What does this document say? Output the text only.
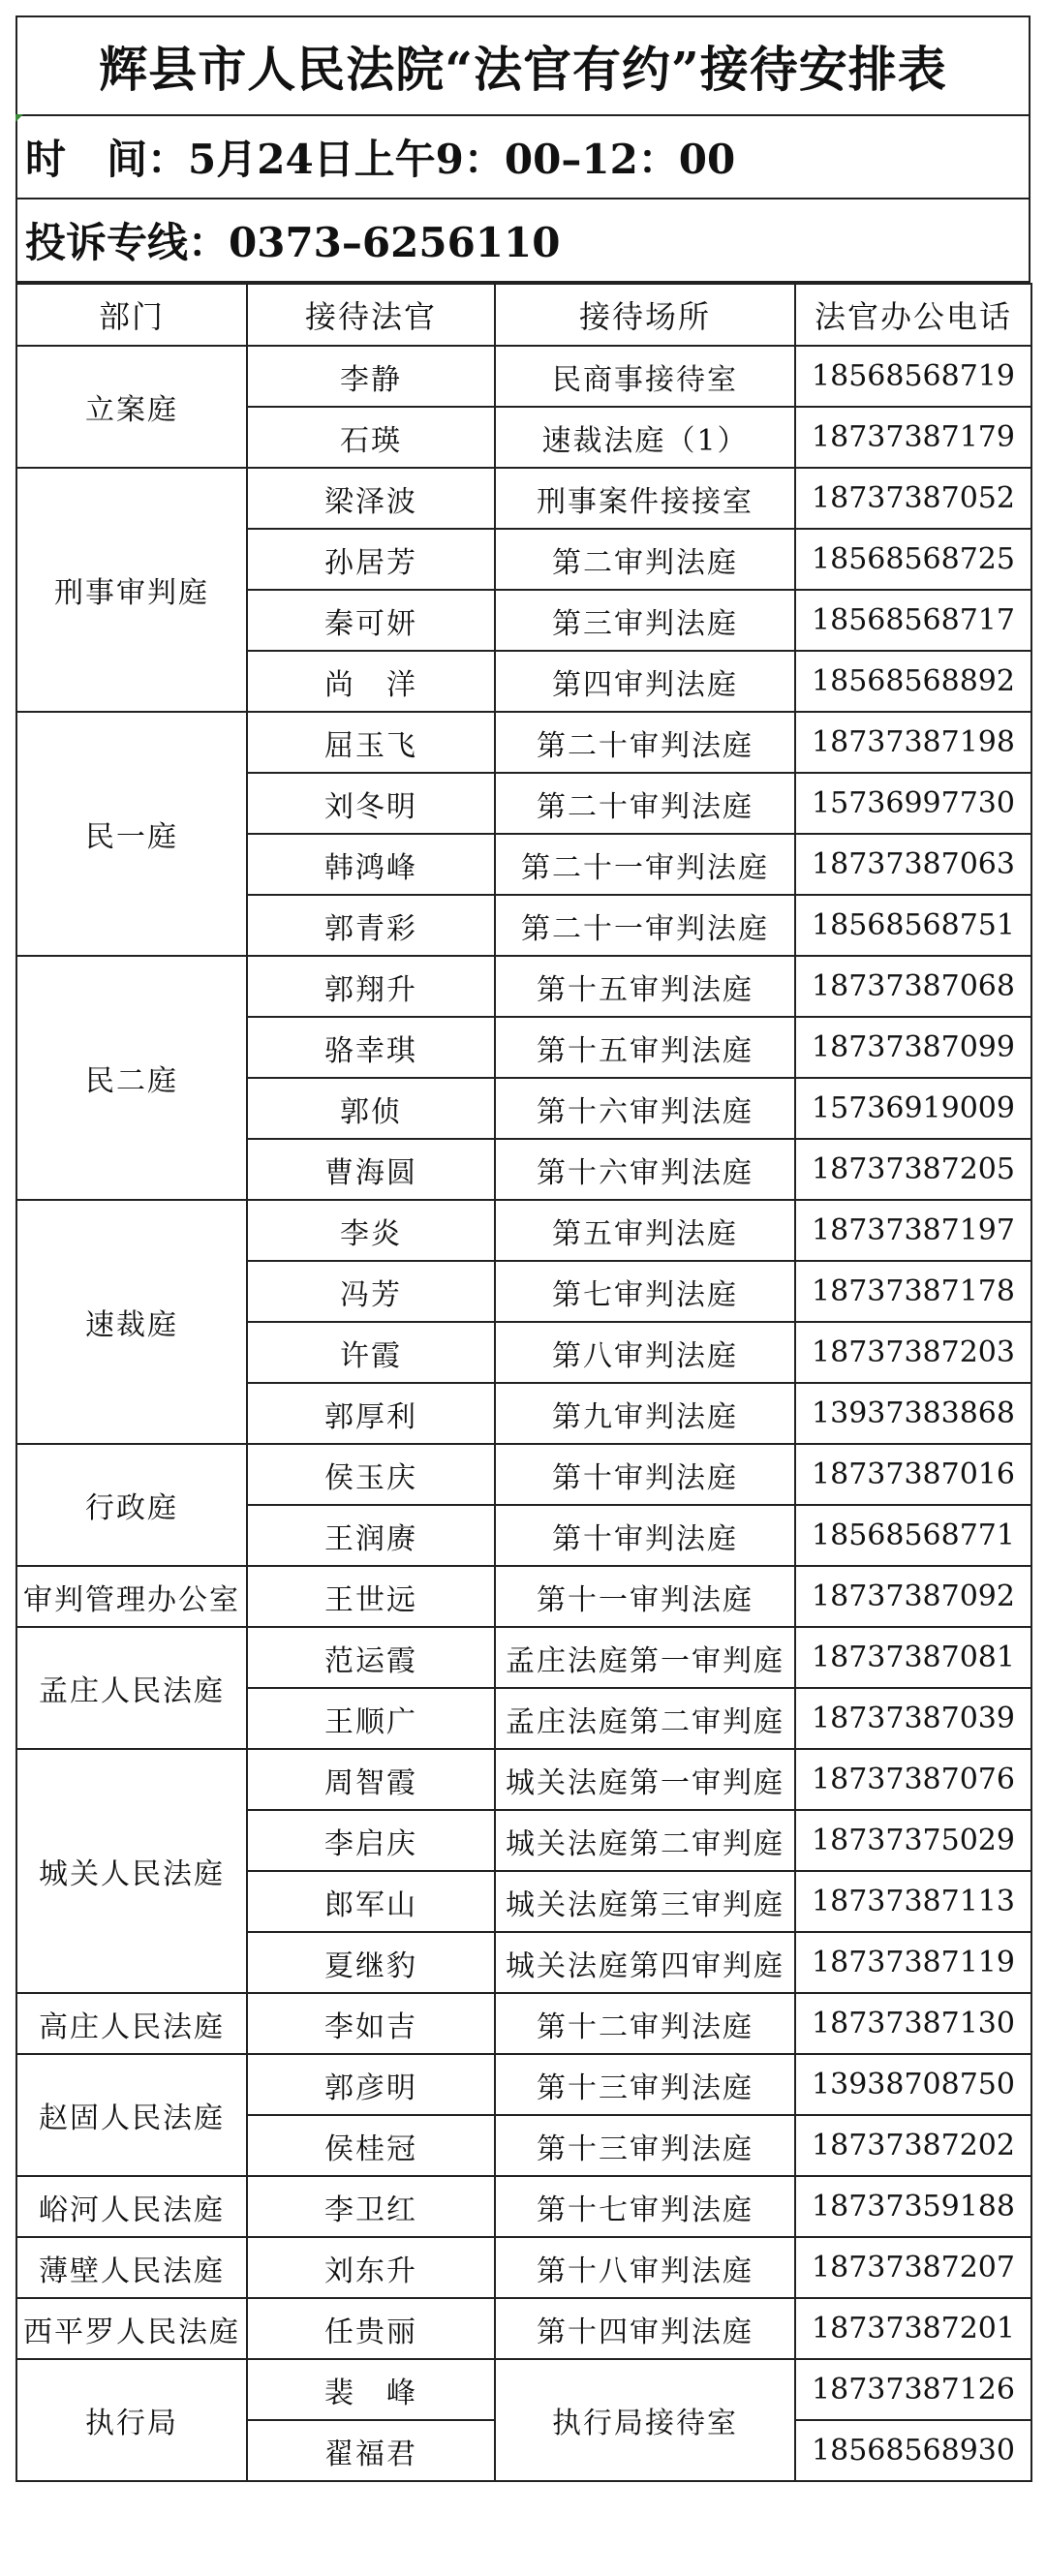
辉县市人民法院“法官有约”接待安排表
时　间：5月24日上午9：00–12：00
投诉专线：0373–6256110
部门	接待法官	接待场所	法官办公电话
立案庭	李静	民商事接待室	18568568719
	石瑛	速裁法庭（1）	18737387179
刑事审判庭	梁泽波	刑事案件接接室	18737387052
	孙居芳	第二审判法庭	18568568725
	秦可妍	第三审判法庭	18568568717
	尚　洋	第四审判法庭	18568568892
民一庭	屈玉飞	第二十审判法庭	18737387198
	刘冬明	第二十审判法庭	15736997730
	韩鸿峰	第二十一审判法庭	18737387063
	郭青彩	第二十一审判法庭	18568568751
民二庭	郭翔升	第十五审判法庭	18737387068
	骆幸琪	第十五审判法庭	18737387099
	郭侦	第十六审判法庭	15736919009
	曹海圆	第十六审判法庭	18737387205
速裁庭	李炎	第五审判法庭	18737387197
	冯芳	第七审判法庭	18737387178
	许霞	第八审判法庭	18737387203
	郭厚利	第九审判法庭	13937383868
行政庭	侯玉庆	第十审判法庭	18737387016
	王润赓	第十审判法庭	18568568771
审判管理办公室	王世远	第十一审判法庭	18737387092
孟庄人民法庭	范运霞	孟庄法庭第一审判庭	18737387081
	王顺广	孟庄法庭第二审判庭	18737387039
城关人民法庭	周智霞	城关法庭第一审判庭	18737387076
	李启庆	城关法庭第二审判庭	18737375029
	郎军山	城关法庭第三审判庭	18737387113
	夏继豹	城关法庭第四审判庭	18737387119
高庄人民法庭	李如吉	第十二审判法庭	18737387130
赵固人民法庭	郭彦明	第十三审判法庭	13938708750
	侯桂冠	第十三审判法庭	18737387202
峪河人民法庭	李卫红	第十七审判法庭	18737359188
薄壁人民法庭	刘东升	第十八审判法庭	18737387207
西平罗人民法庭	任贵丽	第十四审判法庭	18737387201
执行局	裴　峰	执行局接待室	18737387126
	翟福君		18568568930
